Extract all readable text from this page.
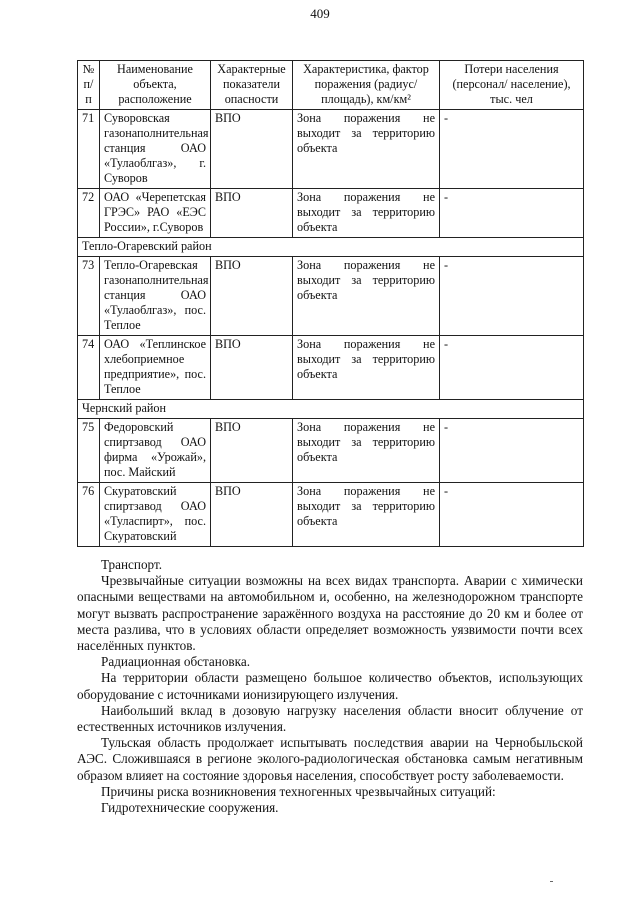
409
№ п/п	Наименование объекта, расположение	Характерные показатели опасности	Характеристика, фактор поражения (радиус/площадь), км/км²	Потери населения (персонал/ население), тыс. чел
71	Суворовская газонаполнительная станция ОАО «Тулаоблгаз», г. Суворов	ВПО	Зона поражения не выходит за территорию объекта	-
72	ОАО «Черепетская ГРЭС» РАО «ЕЭС России», г.Суворов	ВПО	Зона поражения не выходит за территорию объекта	-
Тепло-Огаревский район				
73	Тепло-Огаревская газонаполнительная станция ОАО «Тулаоблгаз», пос. Теплое	ВПО	Зона поражения не выходит за территорию объекта	-
74	ОАО «Теплинское хлебоприемное предприятие», пос. Теплое	ВПО	Зона поражения не выходит за территорию объекта	-
Чернский район				
75	Федоровский спиртзавод ОАО фирма «Урожай», пос. Майский	ВПО	Зона поражения не выходит за территорию объекта	-
76	Скуратовский спиртзавод ОАО «Туласпирт», пос. Скуратовский	ВПО	Зона поражения не выходит за территорию объекта	-

Транспорт.

Чрезвычайные ситуации возможны на всех видах транспорта. Аварии с химически опасными веществами на автомобильном и, особенно, на железнодорожном транспорте могут вызвать распространение заражённого воздуха на расстояние до 20 км и более от места разлива, что в условиях области определяет возможность уязвимости почти всех населённых пунктов.

Радиационная обстановка.

На территории области размещено большое количество объектов, использующих оборудование с источниками ионизирующего излучения.

Наибольший вклад в дозовую нагрузку населения области вносит облучение от естественных источников излучения.

Тульская область продолжает испытывать последствия аварии на Чернобыльской АЭС. Сложившаяся в регионе эколого-радиологическая обстановка самым негативным образом влияет на состояние здоровья населения, способствует росту заболеваемости.

Причины риска возникновения техногенных чрезвычайных ситуаций:

Гидротехнические сооружения.
